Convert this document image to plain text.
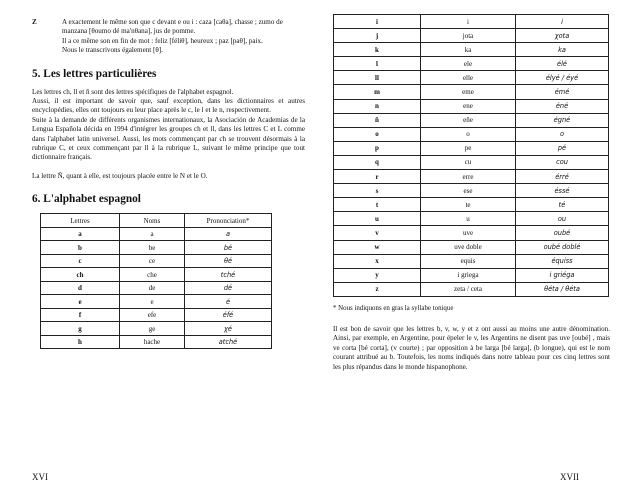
Z	A exactement le même son que c devant e ou i : caza [caθa], chasse ; zumo de manzana [θoumo dé ma'nθana], jus de pomme.

Il a ce même son en fin de mot : feliz [féliθ], heureux ; paz [paθ], paix.

Nous le transcrivons également [θ].

5. Les lettres particulières

Les lettres ch, ll et ñ sont des lettres spécifiques de l'alphabet espagnol.
Aussi, il est important de savoir que, sauf exception, dans les dictionnaires et autres encyclopédies, elles ont toujours eu leur place après le c, le l et le n, respectivement.
Suite à la demande de différents organismes internationaux, la Asociación de Academias de la Lengua Española décida en 1994 d'intégrer les groupes ch et ll, dans les lettres C et L comme dans l'alphabet latin universel. Aussi, les mots commençant par ch se trouvent désormais à la rubrique C, et ceux commençant par ll à la rubrique L, suivant le même principe que tout dictionnaire français.

La lettre Ñ, quant à elle, est toujours placée entre le N et le O.

6. L'alphabet espagnol
Lettres	Noms	Prononciation*
a	a	a
b	be	bé
c	ce	θé
ch	che	tché
d	de	dé
e	e	é
f	efe	éfé
g	ge	χé
h	hache	atché
i	i	i
j	jota	χota
k	ka	ka
l	ele	élé
ll	elle	élyé / éyé
m	eme	émé
n	ene	éné
ñ	eñe	égné
o	o	o
p	pe	pé
q	cu	cou
r	erre	érré
s	ese	éssé
t	te	té
u	u	ou
v	uve	oubé
w	uve doble	oubé doblé
x	equis	équiss
y	i griega	i griéga
z	zeta / ceta	θéta / θéta

* Nous indiquons en gras la syllabe tonique

Il est bon de savoir que les lettres b, v, w, y et z ont aussi au moins une autre dénomination. Ainsi, par exemple, en Argentine, pour épeler le v, les Argentins ne disent pas uve [oubé] , mais ve corta [bé corta], (v courte) ; par opposition à be larga [bé larga], (b longue), qui est le nom courant attribué au b. Toutefois, les noms indiqués dans notre tableau pour ces cinq lettres sont les plus répandus dans le monde hispanophone.

XVI	XVII
